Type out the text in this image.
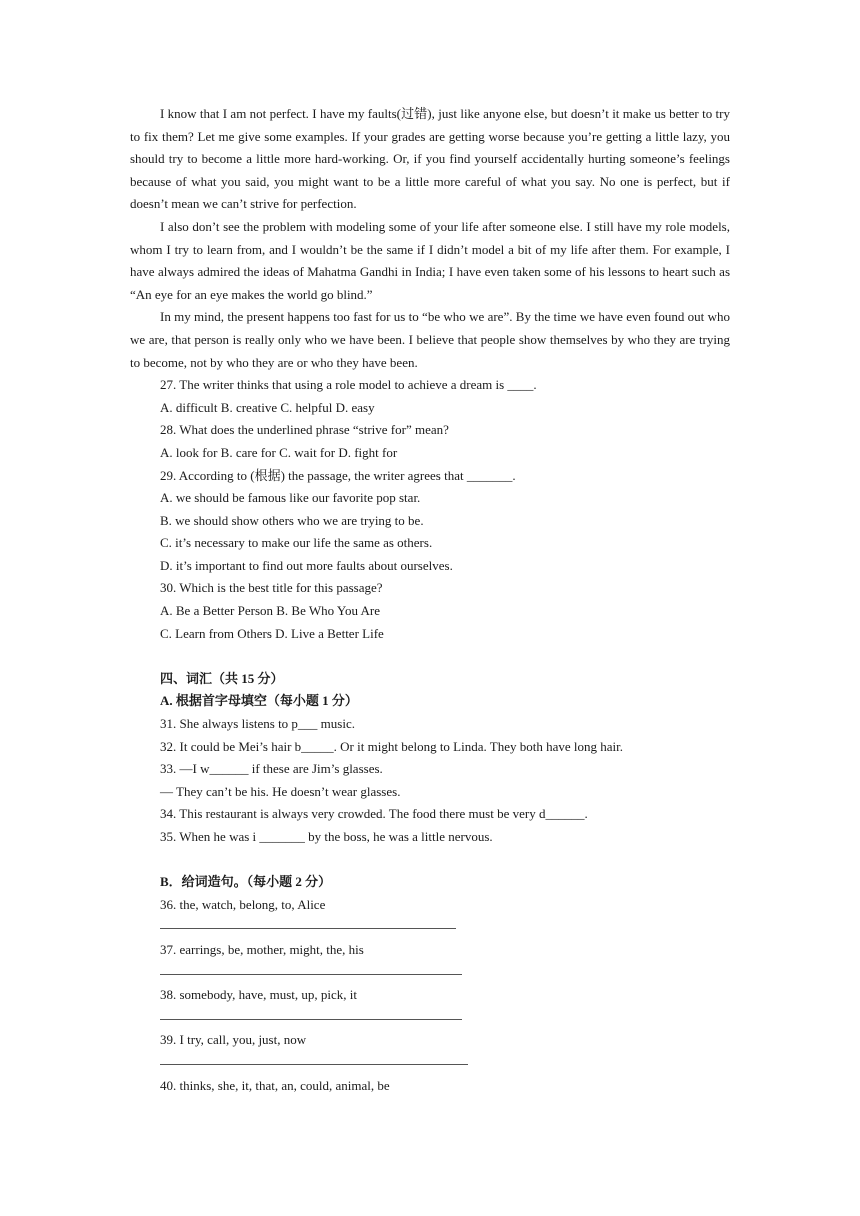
I know that I am not perfect. I have my faults(过错), just like anyone else, but doesn’t it make us better to try to fix them? Let me give some examples. If your grades are getting worse because you’re getting a little lazy, you should try to become a little more hard-working. Or, if you find yourself accidentally hurting someone’s feelings because of what you said, you might want to be a little more careful of what you say. No one is perfect, but if doesn’t mean we can’t strive for perfection.

I also don’t see the problem with modeling some of your life after someone else. I still have my role models, whom I try to learn from, and I wouldn’t be the same if I didn’t model a bit of my life after them. For example, I have always admired the ideas of Mahatma Gandhi in India; I have even taken some of his lessons to heart such as “An eye for an eye makes the world go blind.”

In my mind, the present happens too fast for us to “be who we are”. By the time we have even found out who we are, that person is really only who we have been. I believe that people show themselves by who they are trying to become, not by who they are or who they have been.

27. The writer thinks that using a role model to achieve a dream is ____.

A. difficult B. creative C. helpful D. easy

28. What does the underlined phrase “strive for” mean?

A. look for B. care for C. wait for D. fight for

29. According to (根据) the passage, the writer agrees that _______.

A. we should be famous like our favorite pop star.

B. we should show others who we are trying to be.

C. it’s necessary to make our life the same as others.

D. it’s important to find out more faults about ourselves.

30. Which is the best title for this passage?

A. Be a Better Person B. Be Who You Are

C. Learn from Others D. Live a Better Life

四、词汇（共 15 分）

A. 根据首字母填空（每小题 1 分）

31. She always listens to p___ music.

32. It could be Mei’s hair b_____. Or it might belong to Linda. They both have long hair.

33. —I w______ if these are Jim’s glasses.

— They can’t be his. He doesn’t wear glasses.

34. This restaurant is always very crowded. The food there must be very d______.

35. When he was i _______ by the boss, he was a little nervous.

B．给词造句。（每小题 2 分）

36. the, watch, belong, to, Alice

37. earrings, be, mother, might, the, his

38. somebody, have, must, up, pick, it

39. I try, call, you, just, now

40. thinks, she, it, that, an, could, animal, be
